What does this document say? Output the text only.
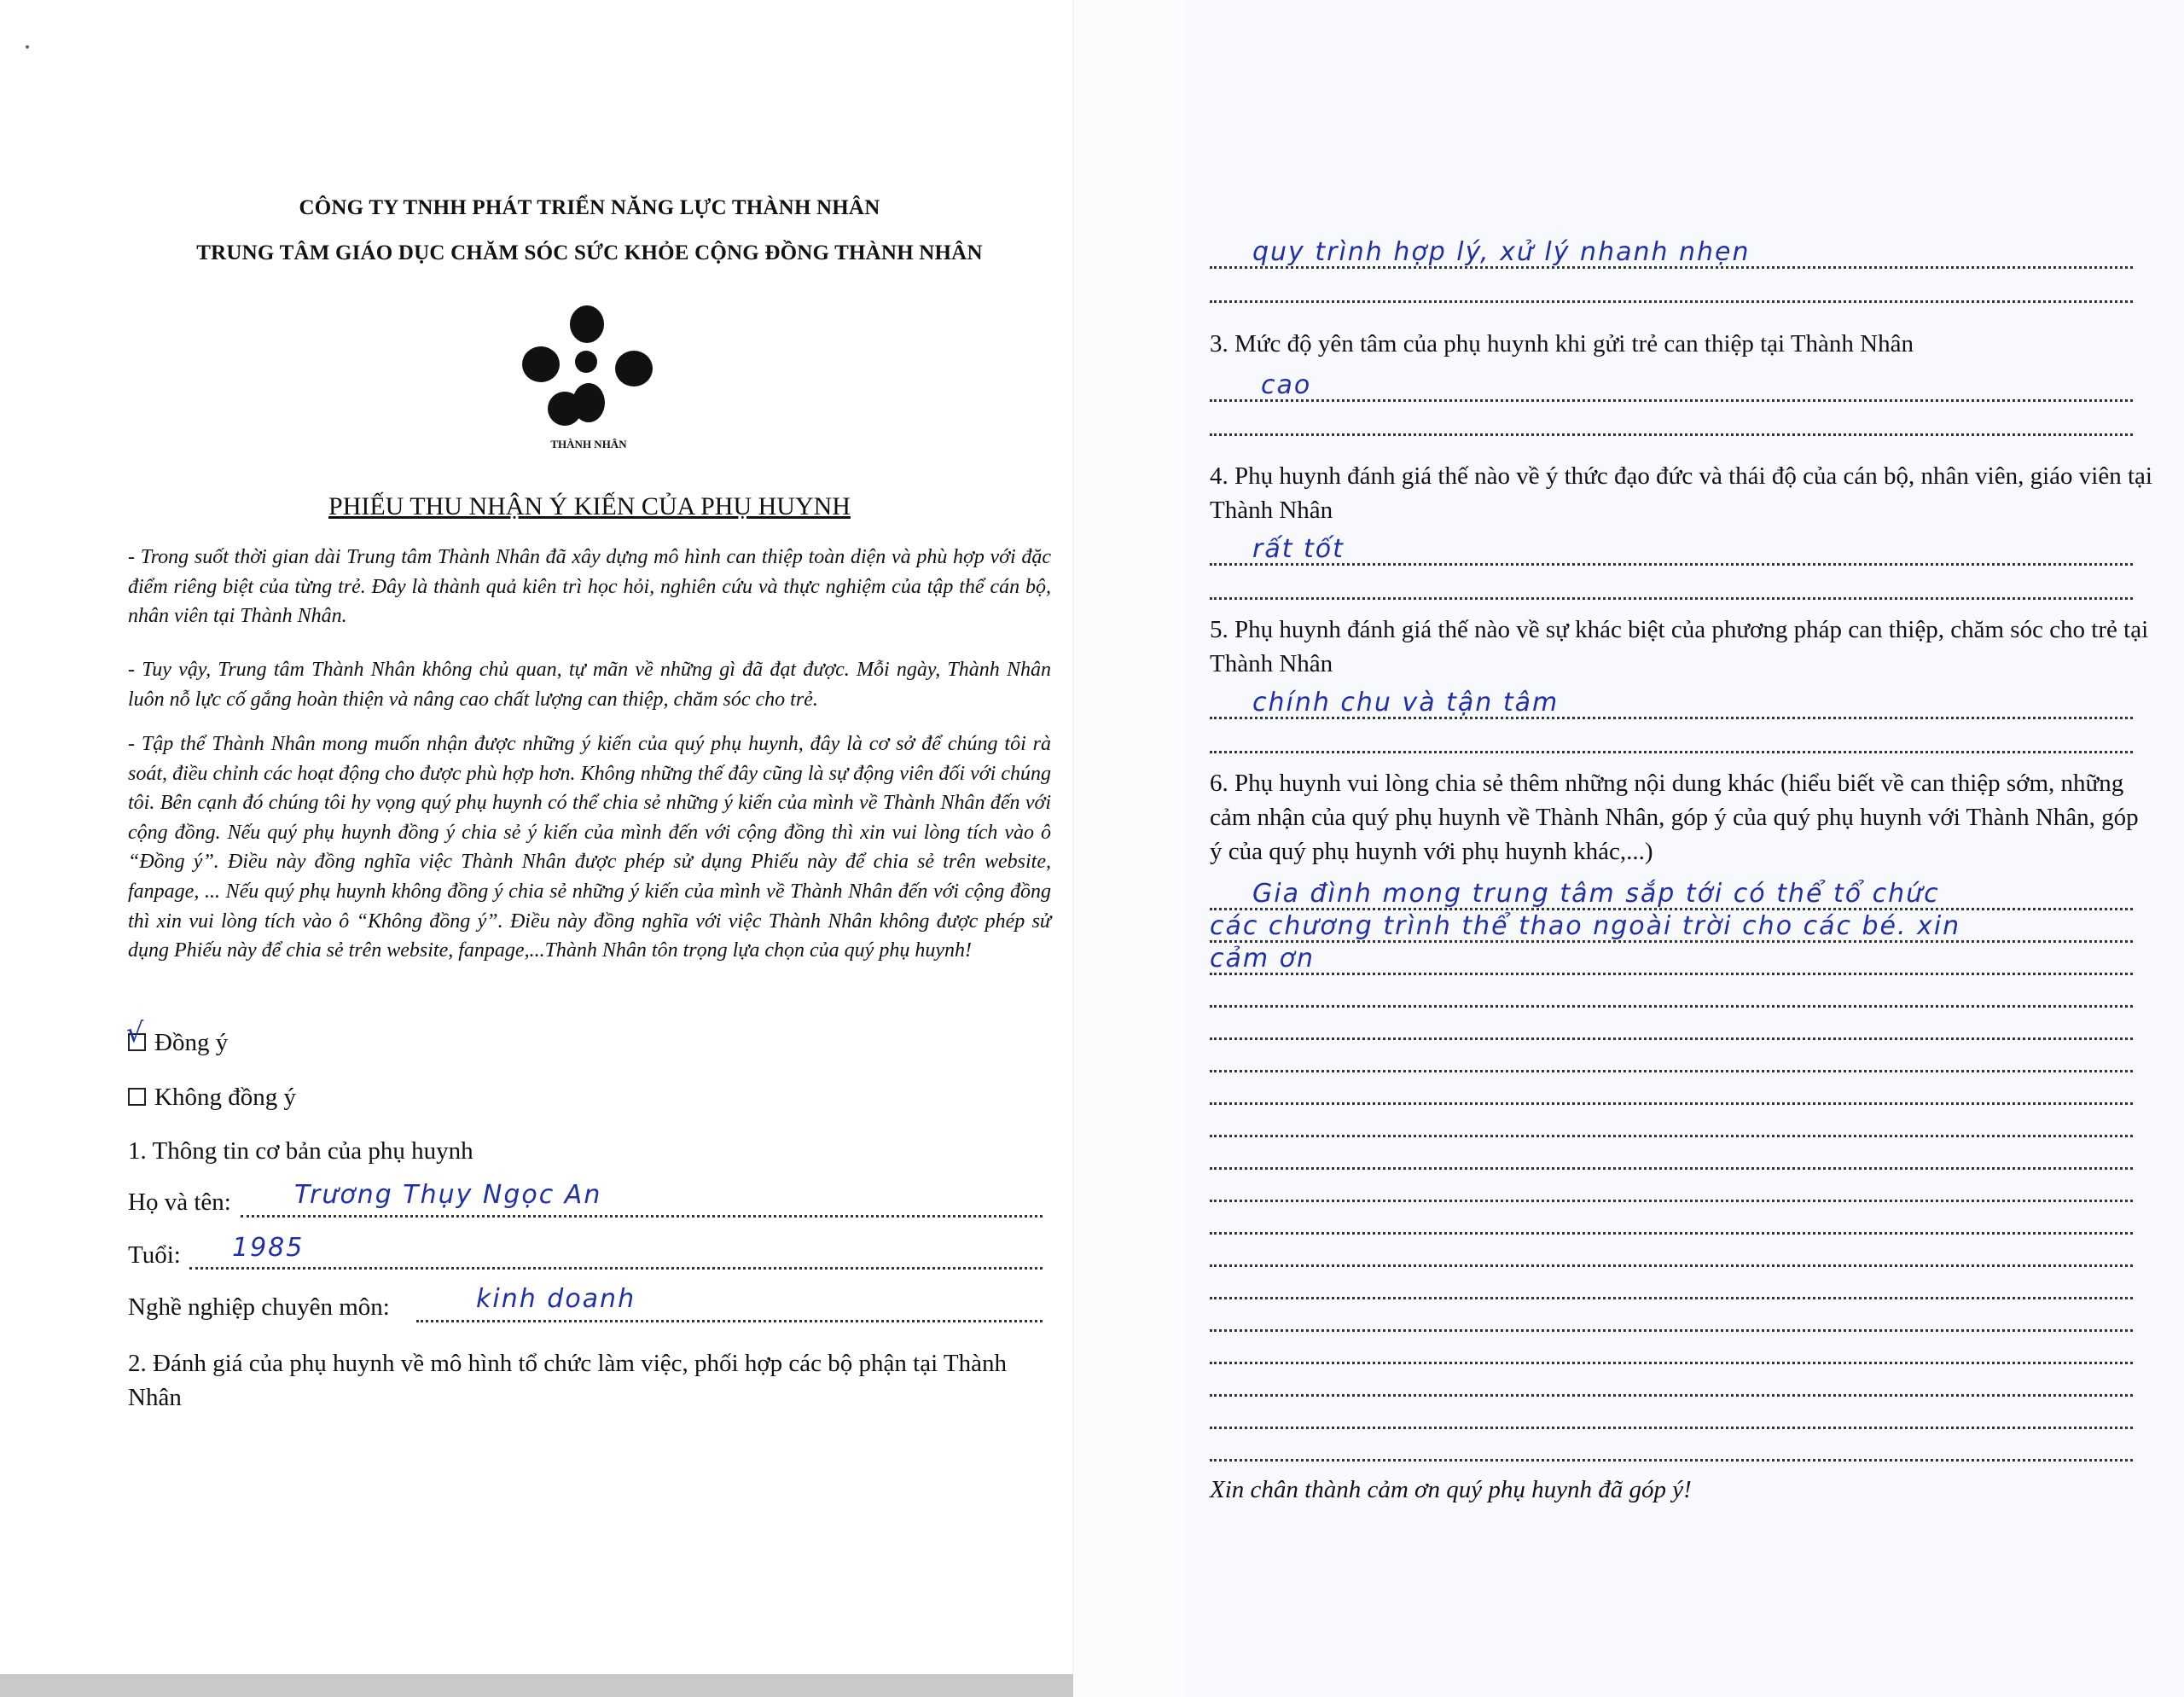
CÔNG TY TNHH PHÁT TRIỂN NĂNG LỰC THÀNH NHÂN
TRUNG TÂM GIÁO DỤC CHĂM SÓC SỨC KHỎE CỘNG ĐỒNG THÀNH NHÂN
THÀNH NHÂN
PHIẾU THU NHẬN Ý KIẾN CỦA PHỤ HUYNH
- Trong suốt thời gian dài Trung tâm Thành Nhân đã xây dựng mô hình can thiệp toàn diện và phù hợp với đặc điểm riêng biệt của từng trẻ. Đây là thành quả kiên trì học hỏi, nghiên cứu và thực nghiệm của tập thể cán bộ, nhân viên tại Thành Nhân.
- Tuy vậy, Trung tâm Thành Nhân không chủ quan, tự mãn về những gì đã đạt được. Mỗi ngày, Thành Nhân luôn nỗ lực cố gắng hoàn thiện và nâng cao chất lượng can thiệp, chăm sóc cho trẻ.
- Tập thể Thành Nhân mong muốn nhận được những ý kiến của quý phụ huynh, đây là cơ sở để chúng tôi rà soát, điều chỉnh các hoạt động cho được phù hợp hơn. Không những thế đây cũng là sự động viên đối với chúng tôi. Bên cạnh đó chúng tôi hy vọng quý phụ huynh có thể chia sẻ những ý kiến của mình về Thành Nhân đến với cộng đồng. Nếu quý phụ huynh đồng ý chia sẻ ý kiến của mình đến với cộng đồng thì xin vui lòng tích vào ô “Đồng ý”. Điều này đồng nghĩa việc Thành Nhân được phép sử dụng Phiếu này để chia sẻ trên website, fanpage, ... Nếu quý phụ huynh không đồng ý chia sẻ những ý kiến của mình về Thành Nhân đến với cộng đồng thì xin vui lòng tích vào ô “Không đồng ý”. Điều này đồng nghĩa với việc Thành Nhân không được phép sử dụng Phiếu này để chia sẻ trên website, fanpage,...Thành Nhân tôn trọng lựa chọn của quý phụ huynh!
√ Đồng ý
Không đồng ý
1. Thông tin cơ bản của phụ huynh
Họ và tên: Trương Thụy Ngọc An
Tuổi: 1985
Nghề nghiệp chuyên môn:	kinh doanh
2. Đánh giá của phụ huynh về mô hình tổ chức làm việc, phối hợp các bộ phận tại Thành Nhân
quy trình hợp lý, xử lý nhanh nhẹn
3. Mức độ yên tâm của phụ huynh khi gửi trẻ can thiệp tại Thành Nhân
cao
4. Phụ huynh đánh giá thế nào về ý thức đạo đức và thái độ của cán bộ, nhân viên, giáo viên tại Thành Nhân
rất tốt
5. Phụ huynh đánh giá thế nào về sự khác biệt của phương pháp can thiệp, chăm sóc cho trẻ tại Thành Nhân
chính chu và tận tâm
6. Phụ huynh vui lòng chia sẻ thêm những nội dung khác (hiểu biết về can thiệp sớm, những cảm nhận của quý phụ huynh về Thành Nhân, góp ý của quý phụ huynh với Thành Nhân, góp ý của quý phụ huynh với phụ huynh khác,...)
Gia đình mong trung tâm sắp tới có thể tổ chức
các chương trình thể thao ngoài trời cho các bé. xin
cảm ơn
Xin chân thành cảm ơn quý phụ huynh đã góp ý!
